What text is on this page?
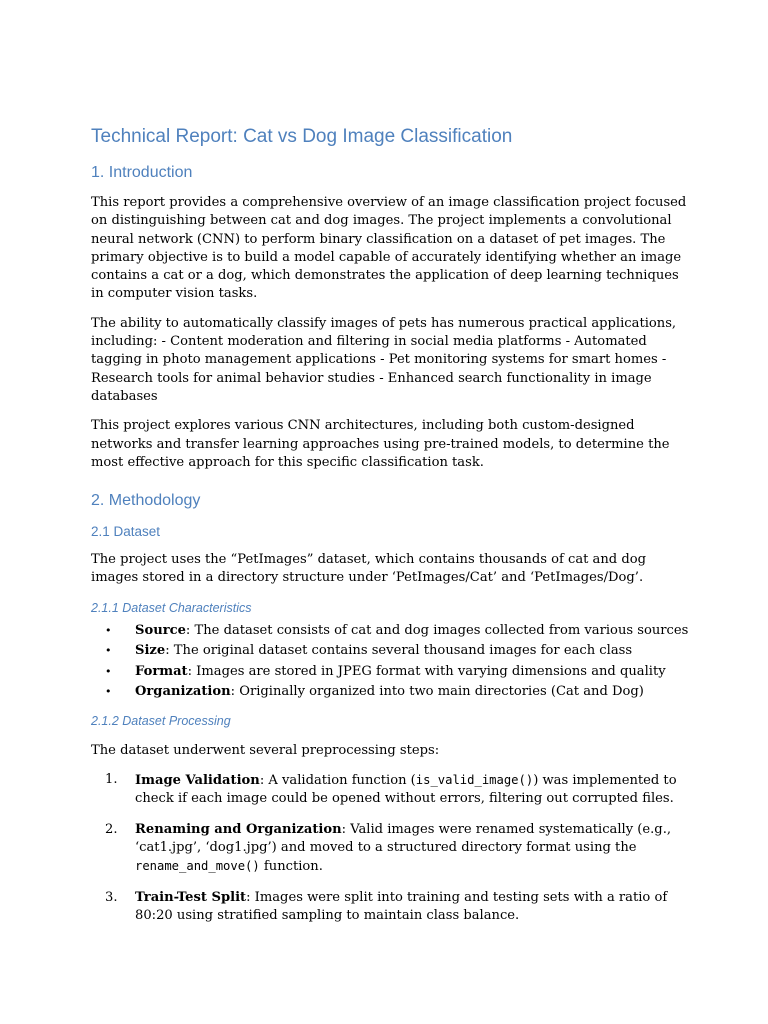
Technical Report: Cat vs Dog Image Classification
1. Introduction

This report provides a comprehensive overview of an image classification project focused on distinguishing between cat and dog images. The project implements a convolutional neural network (CNN) to perform binary classification on a dataset of pet images. The primary objective is to build a model capable of accurately identifying whether an image contains a cat or a dog, which demonstrates the application of deep learning techniques in computer vision tasks.

The ability to automatically classify images of pets has numerous practical applications, including: - Content moderation and filtering in social media platforms - Automated tagging in photo management applications - Pet monitoring systems for smart homes - Research tools for animal behavior studies - Enhanced search functionality in image databases

This project explores various CNN architectures, including both custom-designed networks and transfer learning approaches using pre-trained models, to determine the most effective approach for this specific classification task.

2. Methodology
2.1 Dataset

The project uses the “PetImages” dataset, which contains thousands of cat and dog images stored in a directory structure under ‘PetImages/Cat’ and ‘PetImages/Dog’.

2.1.1 Dataset Characteristics
• Source: The dataset consists of cat and dog images collected from various sources
• Size: The original dataset contains several thousand images for each class
• Format: Images are stored in JPEG format with varying dimensions and quality
• Organization: Originally organized into two main directories (Cat and Dog)
2.1.2 Dataset Processing

The dataset underwent several preprocessing steps:

1. Image Validation: A validation function (is_valid_image()) was implemented to check if each image could be opened without errors, filtering out corrupted files.
2. Renaming and Organization: Valid images were renamed systematically (e.g., ‘cat1.jpg’, ‘dog1.jpg’) and moved to a structured directory format using the rename_and_move() function.
3. Train-Test Split: Images were split into training and testing sets with a ratio of 80:20 using stratified sampling to maintain class balance.
